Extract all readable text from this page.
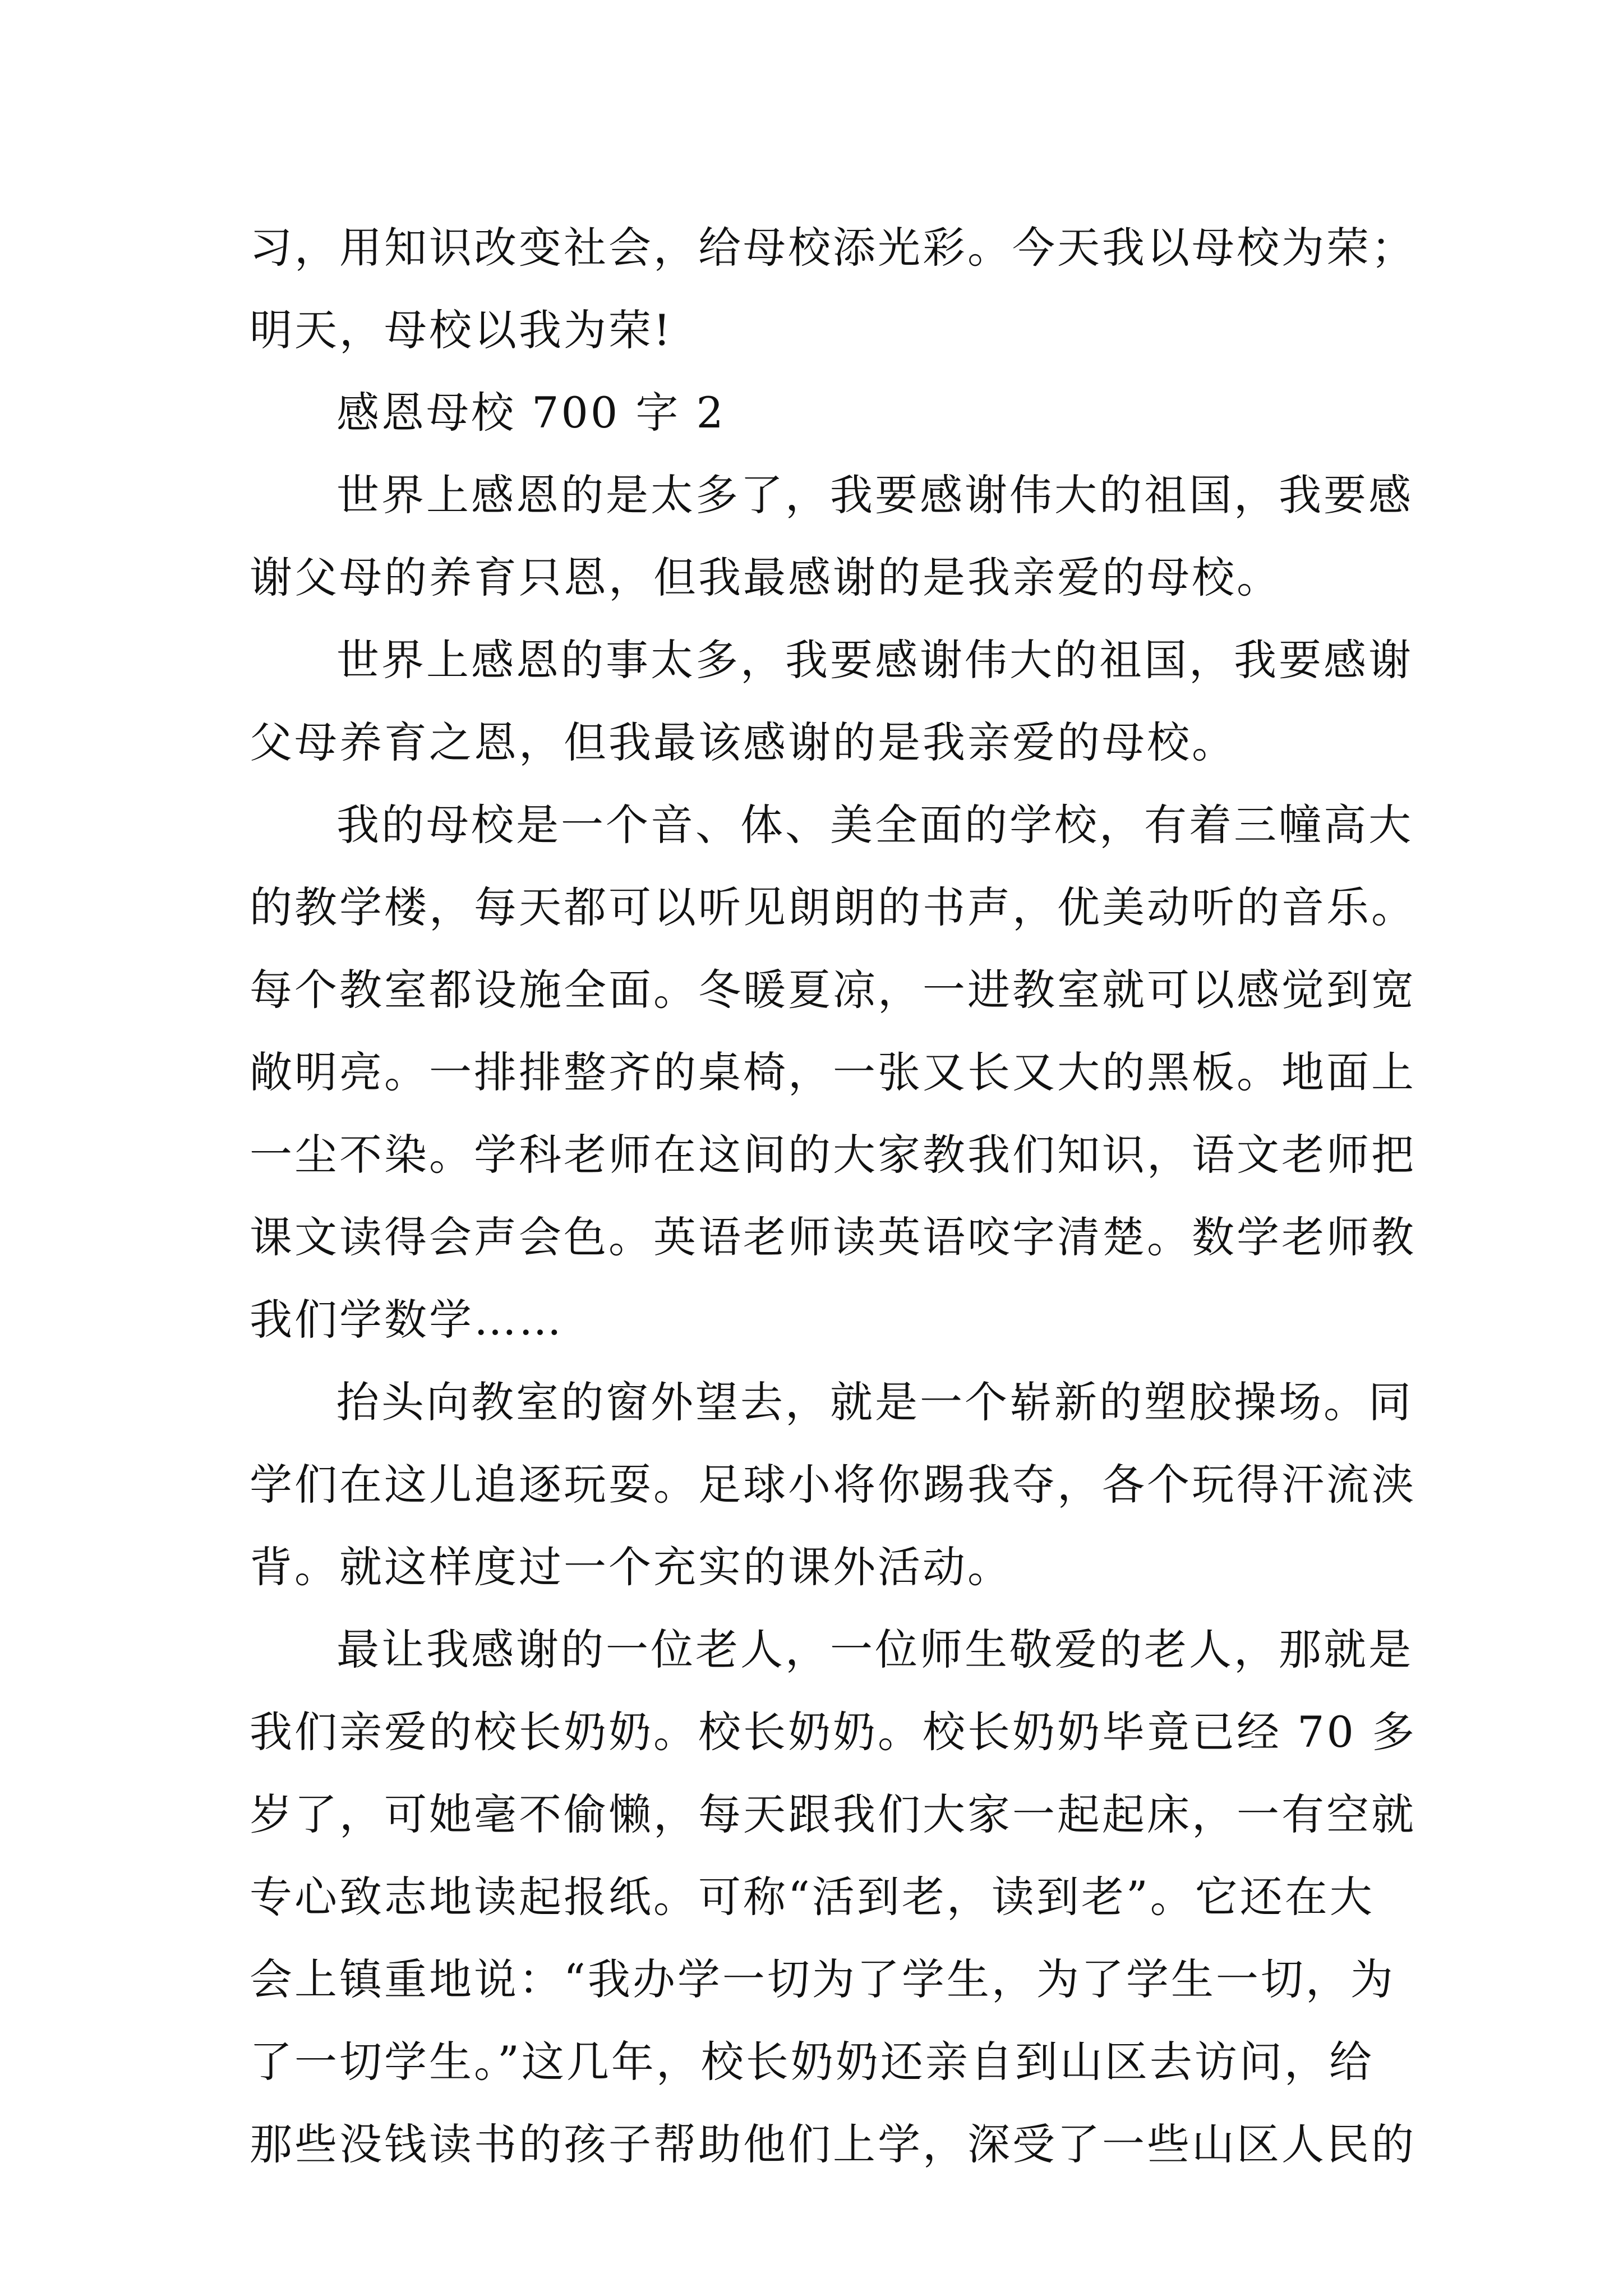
习，用知识改变社会，给母校添光彩。今天我以母校为荣；
明天，母校以我为荣!
感恩母校 700 字 2
世界上感恩的是太多了，我要感谢伟大的祖国，我要感
谢父母的养育只恩，但我最感谢的是我亲爱的母校。
世界上感恩的事太多，我要感谢伟大的祖国，我要感谢
父母养育之恩，但我最该感谢的是我亲爱的母校。
我的母校是一个音、体、美全面的学校，有着三幢高大
的教学楼，每天都可以听见朗朗的书声，优美动听的音乐。
每个教室都设施全面。冬暖夏凉，一进教室就可以感觉到宽
敞明亮。一排排整齐的桌椅，一张又长又大的黑板。地面上
一尘不染。学科老师在这间的大家教我们知识，语文老师把
课文读得会声会色。英语老师读英语咬字清楚。数学老师教
我们学数学……
抬头向教室的窗外望去，就是一个崭新的塑胶操场。同
学们在这儿追逐玩耍。足球小将你踢我夺，各个玩得汗流浃
背。就这样度过一个充实的课外活动。
最让我感谢的一位老人，一位师生敬爱的老人，那就是
我们亲爱的校长奶奶。校长奶奶。校长奶奶毕竟已经 70 多
岁了，可她毫不偷懒，每天跟我们大家一起起床，一有空就
专心致志地读起报纸。可称“活到老，读到老”。它还在大
会上镇重地说：“我办学一切为了学生，为了学生一切，为
了一切学生。”这几年，校长奶奶还亲自到山区去访问，给
那些没钱读书的孩子帮助他们上学，深受了一些山区人民的
